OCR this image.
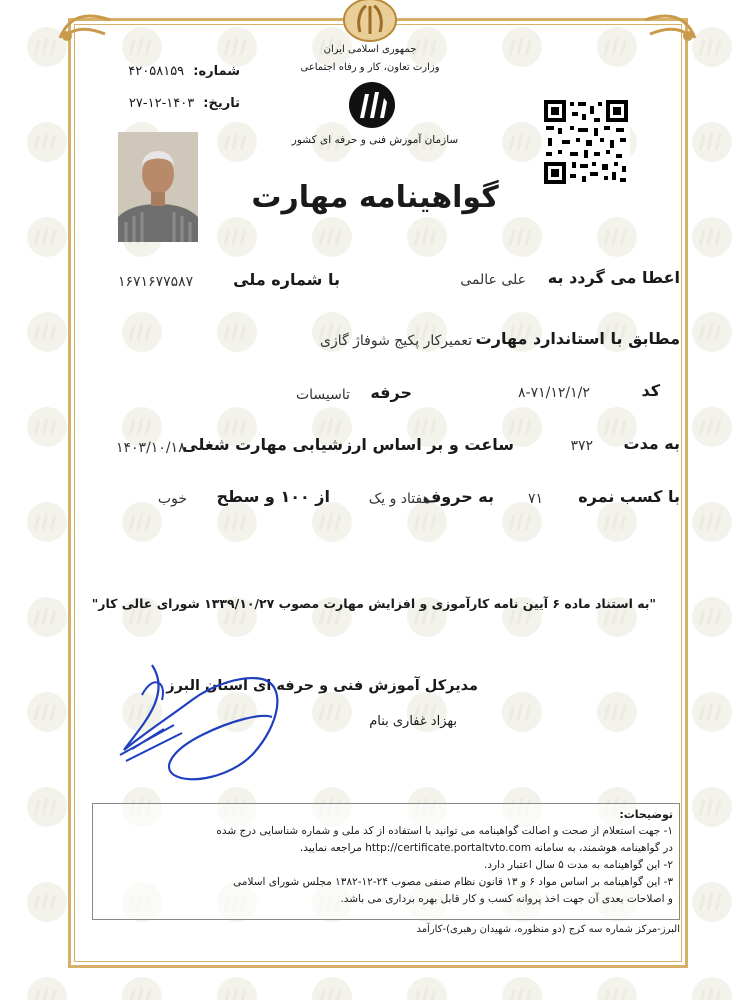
جمهوری اسلامی ایران
وزارت تعاون، کار و رفاه اجتماعی
سازمان آموزش فنی و حرفه ای کشور
شماره: ۴۲۰۵۸۱۵۹
تاریخ: ۱۴۰۳-۱۲-۲۷
گواهینامه مهارت
اعطا می گردد به
علی عالمی
با شماره ملی
۱۶۷۱۶۷۷۵۸۷
مطابق با استاندارد مهارت
تعمیرکار پکیج شوفاژ گازی
کد
۸-۷۱/۱۲/۱/۲
حرفه
تاسیسات
به مدت
۳۷۲
ساعت و بر اساس ارزشیابی مهارت شغلی
۱۴۰۳/۱۰/۱۸
با کسب نمره
۷۱
به حروف
هفتاد و یک
از ۱۰۰ و سطح
خوب
"به استناد ماده ۶ آیین نامه کارآموزی و افزایش مهارت مصوب ۱۳۳۹/۱۰/۲۷ شورای عالی کار"
مدیرکل آموزش فنی و حرفه ای استان البرز
بهزاد غفاری بنام
توضیحات:
۱- جهت استعلام از صحت و اصالت گواهینامه می توانید با استفاده از کد ملی و شماره شناسایی درج شده
در گواهینامه هوشمند، به سامانه http://certificate.portaltvto.com مراجعه نمایید.
۲- این گواهینامه به مدت ۵ سال اعتبار دارد.
۳- این گواهینامه بر اساس مواد ۶ و ۱۳ قانون نظام صنفی مصوب ۲۴-۱۲-۱۳۸۲ مجلس شورای اسلامی
و اصلاحات بعدی آن جهت اخذ پروانه کسب و کار قابل بهره برداری می باشد.
البرز-مرکز شماره سه کرج (دو منظوره، شهیدان رهبری)-کارآمد
